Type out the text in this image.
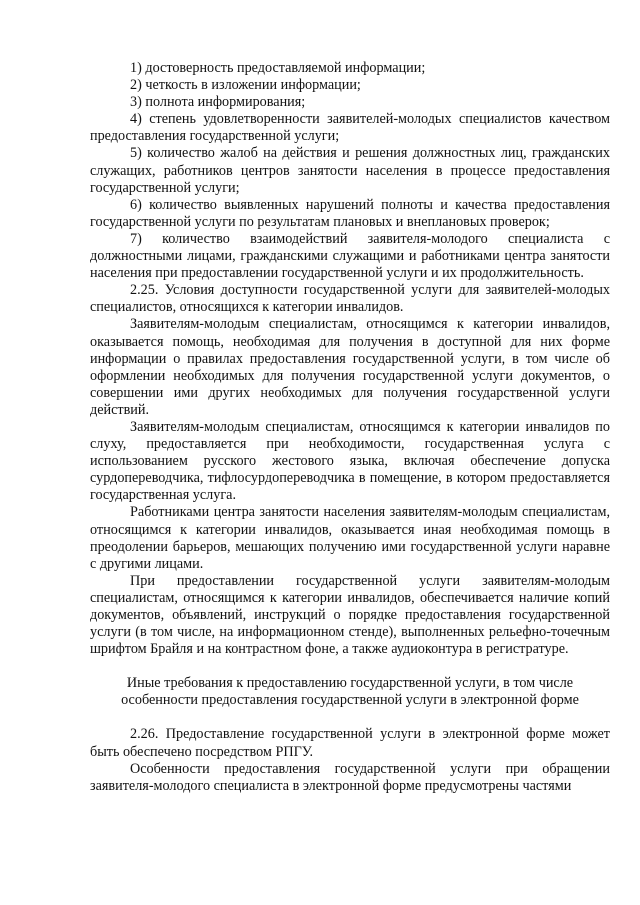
1) достоверность предоставляемой информации;

2) четкость в изложении информации;

3) полнота информирования;

4) степень удовлетворенности заявителей-молодых специалистов качеством предоставления государственной услуги;

5) количество жалоб на действия и решения должностных лиц, гражданских служащих, работников центров занятости населения в процессе предоставления государственной услуги;

6) количество выявленных нарушений полноты и качества предоставления государственной услуги по результатам плановых и внеплановых проверок;

7) количество взаимодействий заявителя-молодого специалиста с должностными лицами, гражданскими служащими и работниками центра занятости населения при предоставлении государственной услуги и их продолжительность.

2.25. Условия доступности государственной услуги для заявителей-молодых специалистов, относящихся к категории инвалидов.

Заявителям-молодым специалистам, относящимся к категории инвалидов, оказывается помощь, необходимая для получения в доступной для них форме информации о правилах предоставления государственной услуги, в том числе об оформлении необходимых для получения государственной услуги документов, о совершении ими других необходимых для получения государственной услуги действий.

Заявителям-молодым специалистам, относящимся к категории инвалидов по слуху, предоставляется при необходимости, государственная услуга с использованием русского жестового языка, включая обеспечение допуска сурдопереводчика, тифлосурдопереводчика в помещение, в котором предоставляется государственная услуга.

Работниками центра занятости населения заявителям-молодым специалистам, относящимся к категории инвалидов, оказывается иная необходимая помощь в преодолении барьеров, мешающих получению ими государственной услуги наравне с другими лицами.

При предоставлении государственной услуги заявителям-молодым специалистам, относящимся к категории инвалидов, обеспечивается наличие копий документов, объявлений, инструкций о порядке предоставления государственной услуги (в том числе, на информационном стенде), выполненных рельефно-точечным шрифтом Брайля и на контрастном фоне, а также аудиоконтура в регистратуре.

Иные требования к предоставлению государственной услуги, в том числе

особенности предоставления государственной услуги в электронной форме

2.26. Предоставление государственной услуги в электронной форме может быть обеспечено посредством РПГУ.

Особенности предоставления государственной услуги при обращении заявителя-молодого специалиста в электронной форме предусмотрены частями
